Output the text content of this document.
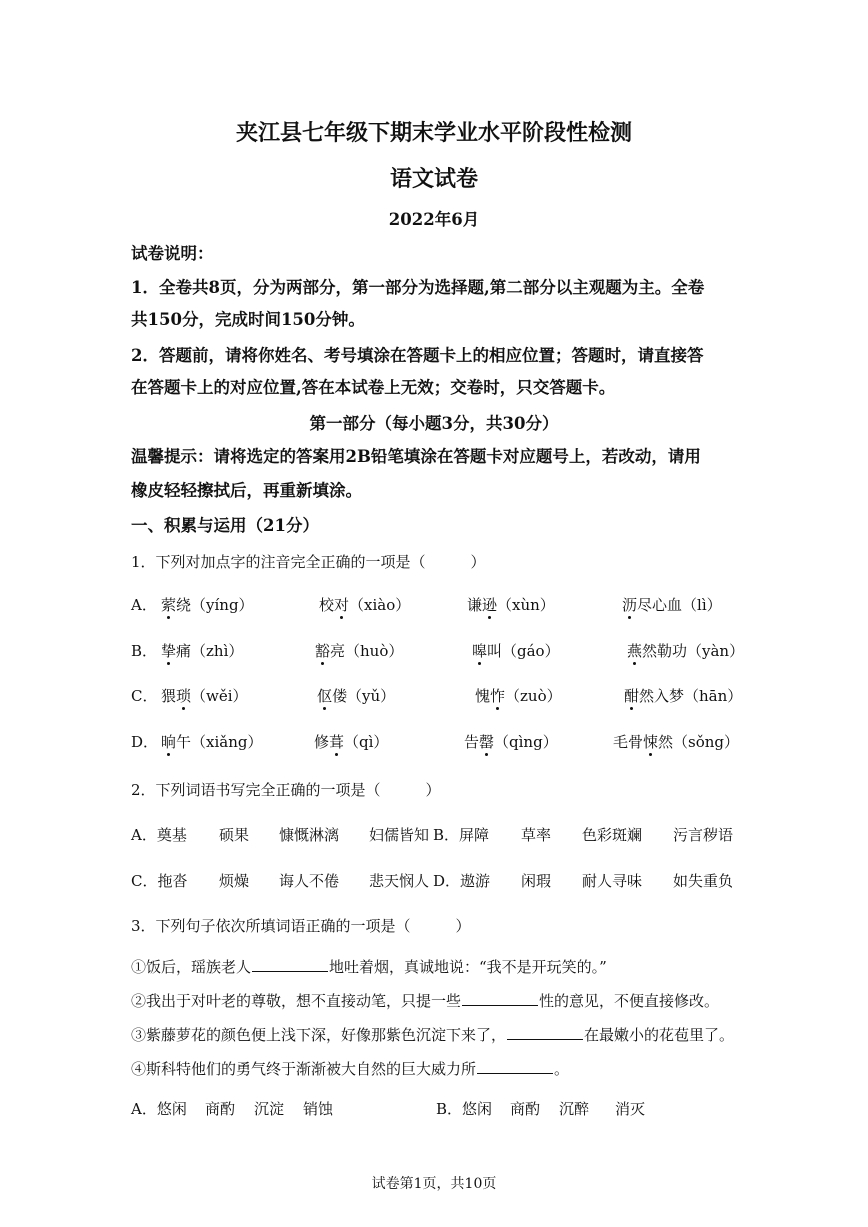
夹江县七年级下期末学业水平阶段性检测
语文试卷
2022年6月
试卷说明：
1．全卷共8页，分为两部分，第一部分为选择题,第二部分以主观题为主。全卷
共150分，完成时间150分钟。
2．答题前，请将你姓名、考号填涂在答题卡上的相应位置；答题时，请直接答
在答题卡上的对应位置,答在本试卷上无效；交卷时，只交答题卡。
第一部分（每小题3分，共30分）
温馨提示：请将选定的答案用2B铅笔填涂在答题卡对应题号上，若改动，请用
橡皮轻轻擦拭后，再重新填涂。
一、积累与运用（21分）
1．下列对加点字的注音完全正确的一项是（　　　）
A． 萦绕（yíng）	校对（xiào）	谦逊（xùn）	沥尽心血（lì）
B． 挚痛（zhì）	豁亮（huò）	嗥叫（gáo）	燕然勒功（yàn）
C． 猥琐（wěi）	伛偻（yǔ）	愧怍（zuò）	酣然入梦（hān）
D． 晌午（xiǎng）	修葺（qì）	告罄（qìng）	毛骨悚然（sǒng）
2．下列词语书写完全正确的一项是（　　　）
A．奠基	硕果	慷慨淋漓	妇儒皆知 B．屏障	草率	色彩斑斓	污言秽语
C．拖沓	烦燥	诲人不倦	悲天悯人 D．遨游	闲瑕	耐人寻味	如失重负
3．下列句子依次所填词语正确的一项是（　　　）
①饭后，瑶族老人	地吐着烟，真诚地说：“我不是开玩笑的。”
②我出于对叶老的尊敬，想不直接动笔，只提一些	性的意见，不便直接修改。
③紫藤萝花的颜色便上浅下深，好像那紫色沉淀下来了，	在最嫩小的花苞里了。
④斯科特他们的勇气终于渐渐被大自然的巨大威力所	。
A．悠闲	商酌	沉淀	销蚀	B．悠闲	商酌	沉醉	消灭
试卷第1页，共10页
